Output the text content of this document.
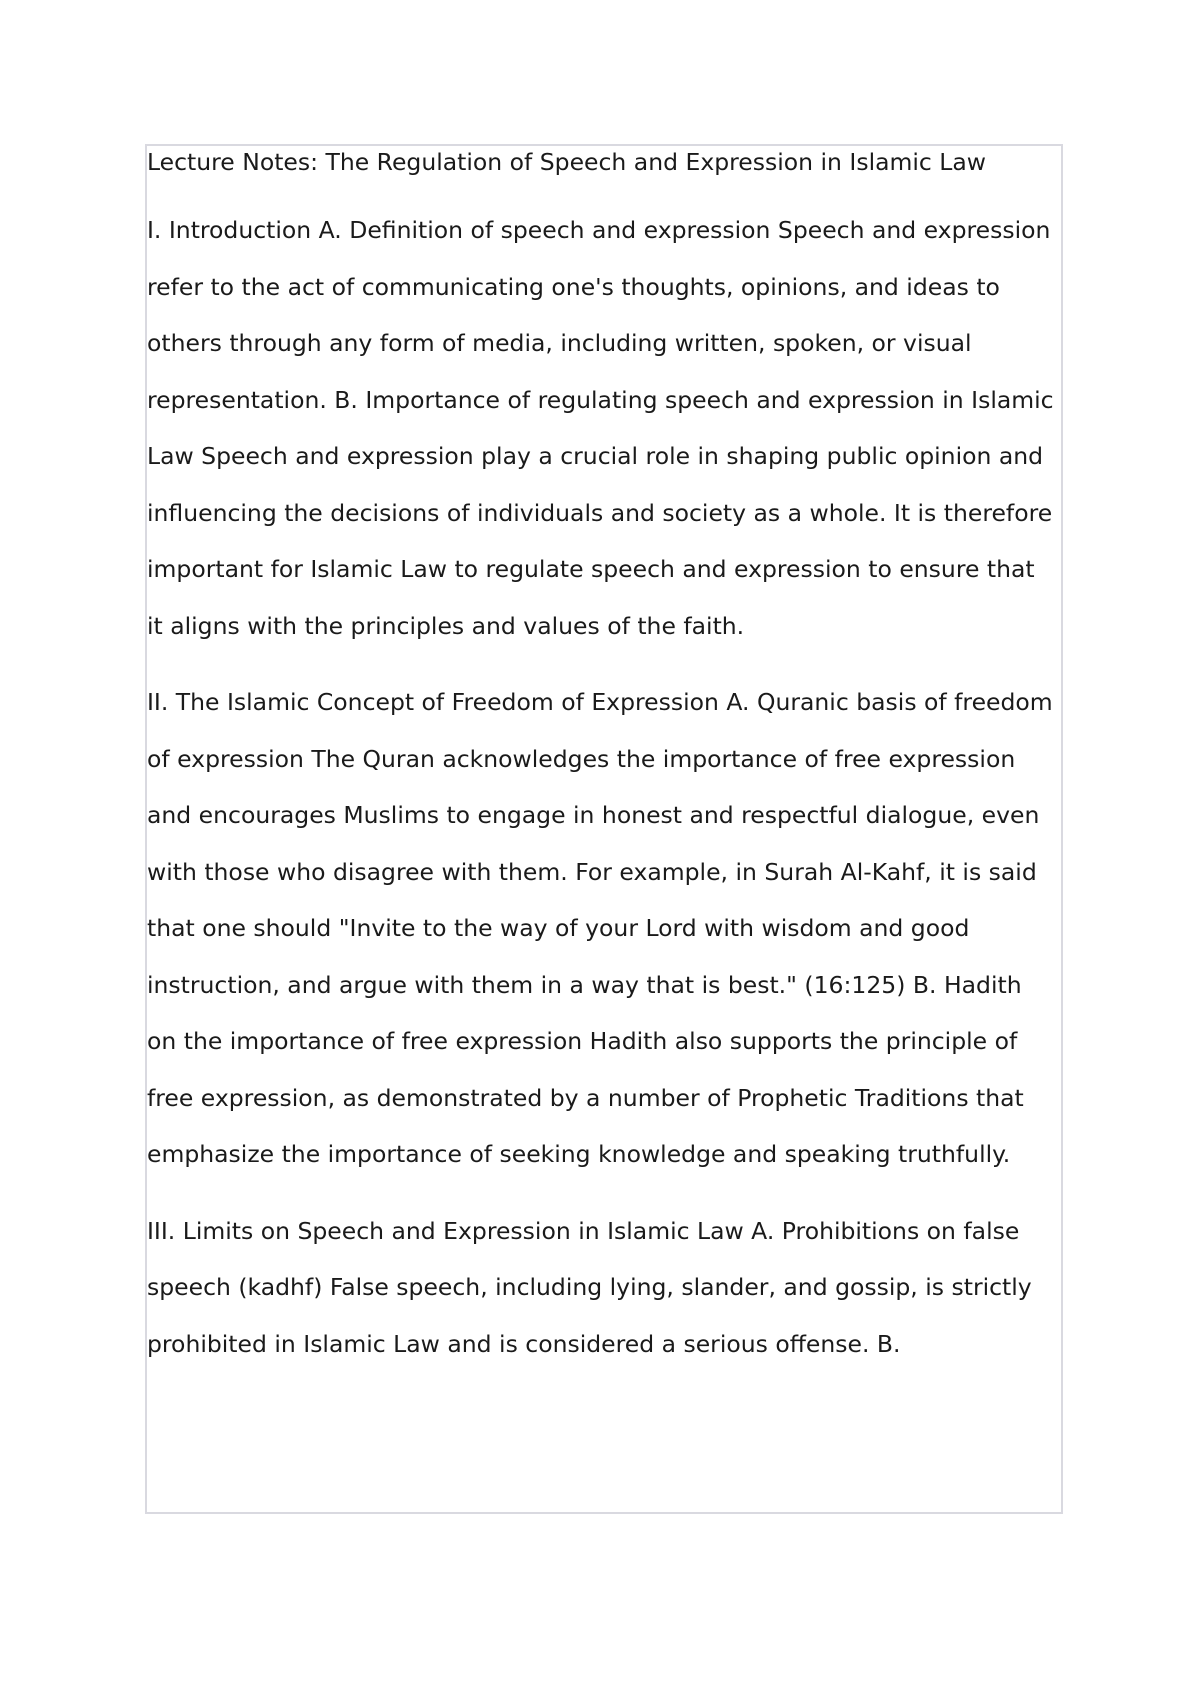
Lecture Notes: The Regulation of Speech and Expression in Islamic Law

I. Introduction A. Definition of speech and expression Speech and expression refer to the act of communicating one's thoughts, opinions, and ideas to others through any form of media, including written, spoken, or visual representation. B. Importance of regulating speech and expression in Islamic Law Speech and expression play a crucial role in shaping public opinion and influencing the decisions of individuals and society as a whole. It is therefore important for Islamic Law to regulate speech and expression to ensure that it aligns with the principles and values of the faith.

II. The Islamic Concept of Freedom of Expression A. Quranic basis of freedom of expression The Quran acknowledges the importance of free expression and encourages Muslims to engage in honest and respectful dialogue, even with those who disagree with them. For example, in Surah Al-Kahf, it is said that one should "Invite to the way of your Lord with wisdom and good instruction, and argue with them in a way that is best." (16:125) B. Hadith on the importance of free expression Hadith also supports the principle of free expression, as demonstrated by a number of Prophetic Traditions that emphasize the importance of seeking knowledge and speaking truthfully.

III. Limits on Speech and Expression in Islamic Law A. Prohibitions on false speech (kadhf) False speech, including lying, slander, and gossip, is strictly prohibited in Islamic Law and is considered a serious offense. B.
